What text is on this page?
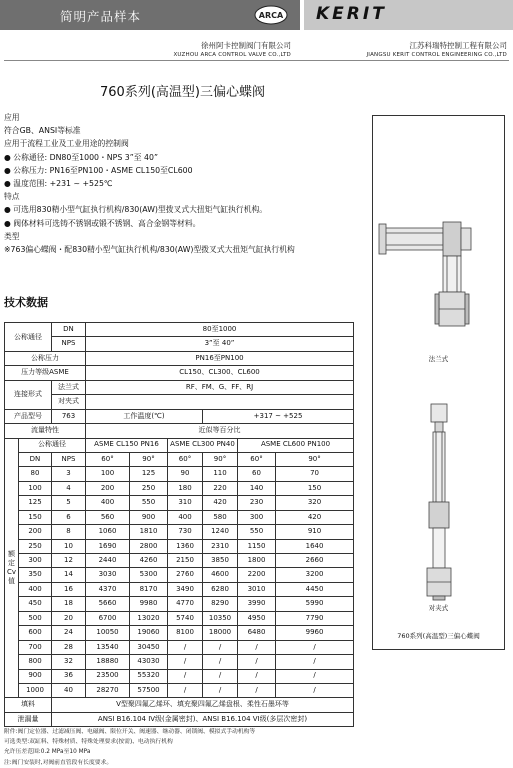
简明产品样本	ARCA KERIT
徐州阿卡控制阀门有限公司
XUZHOU ARCA CONTROL VALVE CO.,LTD
江苏科瑞特控制工程有限公司
JIANGSU KERIT CONTROL ENGINEERING CO.,LTD
760系列(高温型)三偏心蝶阀

应用

符合GB、ANSI等标准

应用于流程工业及工业用途的控制阀

● 公称通径: DN80至1000・NPS 3”至 40”

● 公称压力: PN16至PN100・ASME CL150至CL600

● 温度范围: +231 ~ +525℃

特点

● 可选用830精小型气缸执行机构/830(AW)型拨叉式大扭矩气缸执行机构。

● 阀体材料可选铸不锈钢或锻不锈钢、高合金钢等材料。

类型

※763偏心蝶阀・配830精小型气缸执行机构/830(AW)型拨叉式大扭矩气缸执行机构

技术数据
公称通径		DN	80至1000					
		NPS	3”至 40”					
公称压力			PN16至PN100					
压力等级ASME			CL150、CL300、CL600					
连接形式		法兰式	RF、FM、G、FF、RJ					
		对夹式						
产品型号		763	工作温度(℃)			+317 ~ +525		
流量特性			近似等百分比					
额定Cv值	公称通径		ASME CL150 PN16		ASME CL300 PN40		ASME CL600 PN100	
	DN	NPS	60°	90°	60°	90°	60°	90°
	80	3	100	125	90	110	60	70
	100	4	200	250	180	220	140	150
	125	5	400	550	310	420	230	320
	150	6	560	900	400	580	300	420
	200	8	1060	1810	730	1240	550	910
	250	10	1690	2800	1360	2310	1150	1640
	300	12	2440	4260	2150	3850	1800	2660
	350	14	3030	5300	2760	4600	2200	3200
	400	16	4370	8170	3490	6280	3010	4450
	450	18	5660	9980	4770	8290	3990	5990
	500	20	6700	13020	5740	10350	4950	7790
	600	24	10050	19060	8100	18000	6480	9960
	700	28	13540	30450	/	/	/	/
	800	32	18880	43030	/	/	/	/
	900	36	23500	55320	/	/	/	/
	1000	40	28270	57500	/	/	/	/
填料		V型聚四氟乙烯环、填充聚四氟乙烯盘根、柔性石墨环等						
泄漏量		ANSI B16.104 IV级(金属密封)、ANSI B16.104 VI级(多层次密封)						

附件:阀门定位器、过滤减压阀、电磁阀、限位开关、阀速器、继动器、闭锁阀、模拟式手动机构等

可选类型:双缸料、特殊材质、特殊处理要求(按需)、电动执行机构

允许压差范围:0.2 MPa至10 MPa

注:阀门安装时,对阀前直管段有长度要求。

法兰式
对夹式
760系列(高温型)三偏心蝶阀
